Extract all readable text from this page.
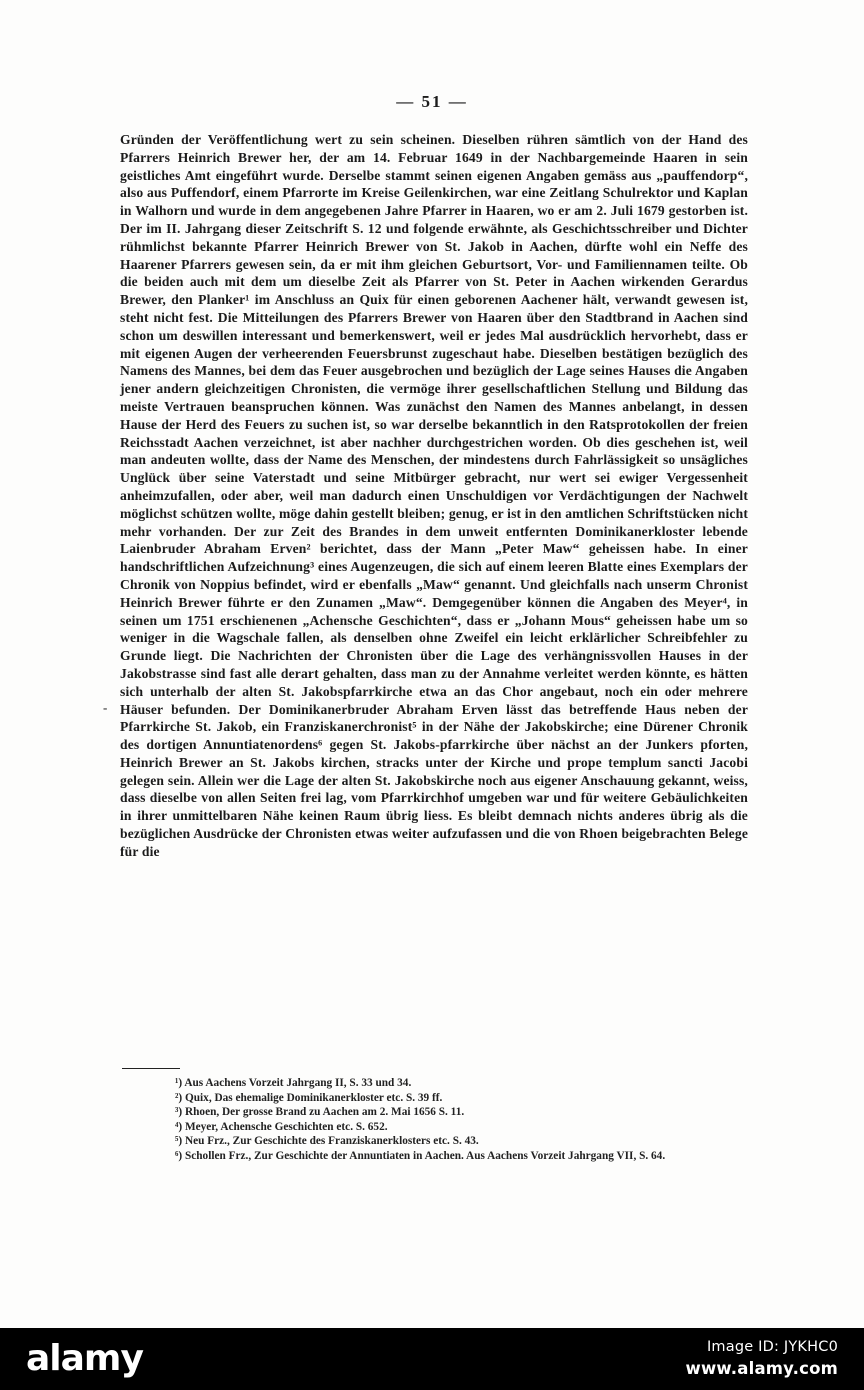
— 51 —
-
Gründen der Veröffentlichung wert zu sein scheinen. Dieselben rühren sämtlich von der Hand des Pfarrers Heinrich Brewer her, der am 14. Februar 1649 in der Nachbargemeinde Haaren in sein geistliches Amt eingeführt wurde. Derselbe stammt seinen eigenen Angaben gemäss aus „pauffendorp“, also aus Puffendorf, einem Pfarrorte im Kreise Geilenkirchen, war eine Zeitlang Schulrektor und Kaplan in Walhorn und wurde in dem angegebenen Jahre Pfarrer in Haaren, wo er am 2. Juli 1679 gestorben ist. Der im II. Jahrgang dieser Zeitschrift S. 12 und folgende erwähnte, als Geschichtsschreiber und Dichter rühmlichst bekannte Pfarrer Heinrich Brewer von St. Jakob in Aachen, dürfte wohl ein Neffe des Haarener Pfarrers gewesen sein, da er mit ihm gleichen Geburtsort, Vor- und Familiennamen teilte. Ob die beiden auch mit dem um dieselbe Zeit als Pfarrer von St. Peter in Aachen wirkenden Gerardus Brewer, den Planker¹ im Anschluss an Quix für einen geborenen Aachener hält, verwandt gewesen ist, steht nicht fest. Die Mitteilungen des Pfarrers Brewer von Haaren über den Stadtbrand in Aachen sind schon um deswillen interessant und bemerkenswert, weil er jedes Mal ausdrücklich hervorhebt, dass er mit eigenen Augen der verheerenden Feuersbrunst zugeschaut habe. Dieselben bestätigen bezüglich des Namens des Mannes, bei dem das Feuer ausgebrochen und bezüglich der Lage seines Hauses die Angaben jener andern gleichzeitigen Chronisten, die vermöge ihrer gesellschaftlichen Stellung und Bildung das meiste Vertrauen beanspruchen können. Was zunächst den Namen des Mannes anbelangt, in dessen Hause der Herd des Feuers zu suchen ist, so war derselbe bekanntlich in den Ratsprotokollen der freien Reichsstadt Aachen verzeichnet, ist aber nachher durchgestrichen worden. Ob dies geschehen ist, weil man andeuten wollte, dass der Name des Menschen, der mindestens durch Fahrlässigkeit so unsägliches Unglück über seine Vaterstadt und seine Mitbürger gebracht, nur wert sei ewiger Vergessenheit anheimzufallen, oder aber, weil man dadurch einen Unschuldigen vor Verdächtigungen der Nachwelt möglichst schützen wollte, möge dahin gestellt bleiben; genug, er ist in den amtlichen Schriftstücken nicht mehr vorhanden. Der zur Zeit des Brandes in dem unweit entfernten Dominikanerkloster lebende Laienbruder Abraham Erven² berichtet, dass der Mann „Peter Maw“ geheissen habe. In einer handschriftlichen Aufzeichnung³ eines Augenzeugen, die sich auf einem leeren Blatte eines Exemplars der Chronik von Noppius befindet, wird er ebenfalls „Maw“ genannt. Und gleichfalls nach unserm Chronist Heinrich Brewer führte er den Zunamen „Maw“. Demgegenüber können die Angaben des Meyer⁴, in seinen um 1751 erschienenen „Achensche Geschichten“, dass er „Johann Mous“ geheissen habe um so weniger in die Wagschale fallen, als denselben ohne Zweifel ein leicht erklärlicher Schreibfehler zu Grunde liegt. Die Nachrichten der Chronisten über die Lage des verhängnissvollen Hauses in der Jakobstrasse sind fast alle derart gehalten, dass man zu der Annahme verleitet werden könnte, es hätten sich unterhalb der alten St. Jakobspfarrkirche etwa an das Chor angebaut, noch ein oder mehrere Häuser befunden. Der Dominikanerbruder Abraham Erven lässt das betreffende Haus neben der Pfarrkirche St. Jakob, ein Franziskanerchronist⁵ in der Nähe der Jakobskirche; eine Dürener Chronik des dortigen Annuntiatenordens⁶ gegen St. Jakobs-pfarrkirche über nächst an der Junkers pforten, Heinrich Brewer an St. Jakobs kirchen, stracks unter der Kirche und prope templum sancti Jacobi gelegen sein. Allein wer die Lage der alten St. Jakobskirche noch aus eigener Anschauung gekannt, weiss, dass dieselbe von allen Seiten frei lag, vom Pfarrkirchhof umgeben war und für weitere Gebäulichkeiten in ihrer unmittelbaren Nähe keinen Raum übrig liess. Es bleibt demnach nichts anderes übrig als die bezüglichen Ausdrücke der Chronisten etwas weiter aufzufassen und die von Rhoen beigebrachten Belege für die
¹) Aus Aachens Vorzeit Jahrgang II, S. 33 und 34.
²) Quix, Das ehemalige Dominikanerkloster etc. S. 39 ff.
³) Rhoen, Der grosse Brand zu Aachen am 2. Mai 1656 S. 11.
⁴) Meyer, Achensche Geschichten etc. S. 652.
⁵) Neu Frz., Zur Geschichte des Franziskanerklosters etc. S. 43.
⁶) Schollen Frz., Zur Geschichte der Annuntiaten in Aachen. Aus Aachens Vorzeit Jahrgang VII, S. 64.
alamy	Image ID: JYKHC0
www.alamy.com
